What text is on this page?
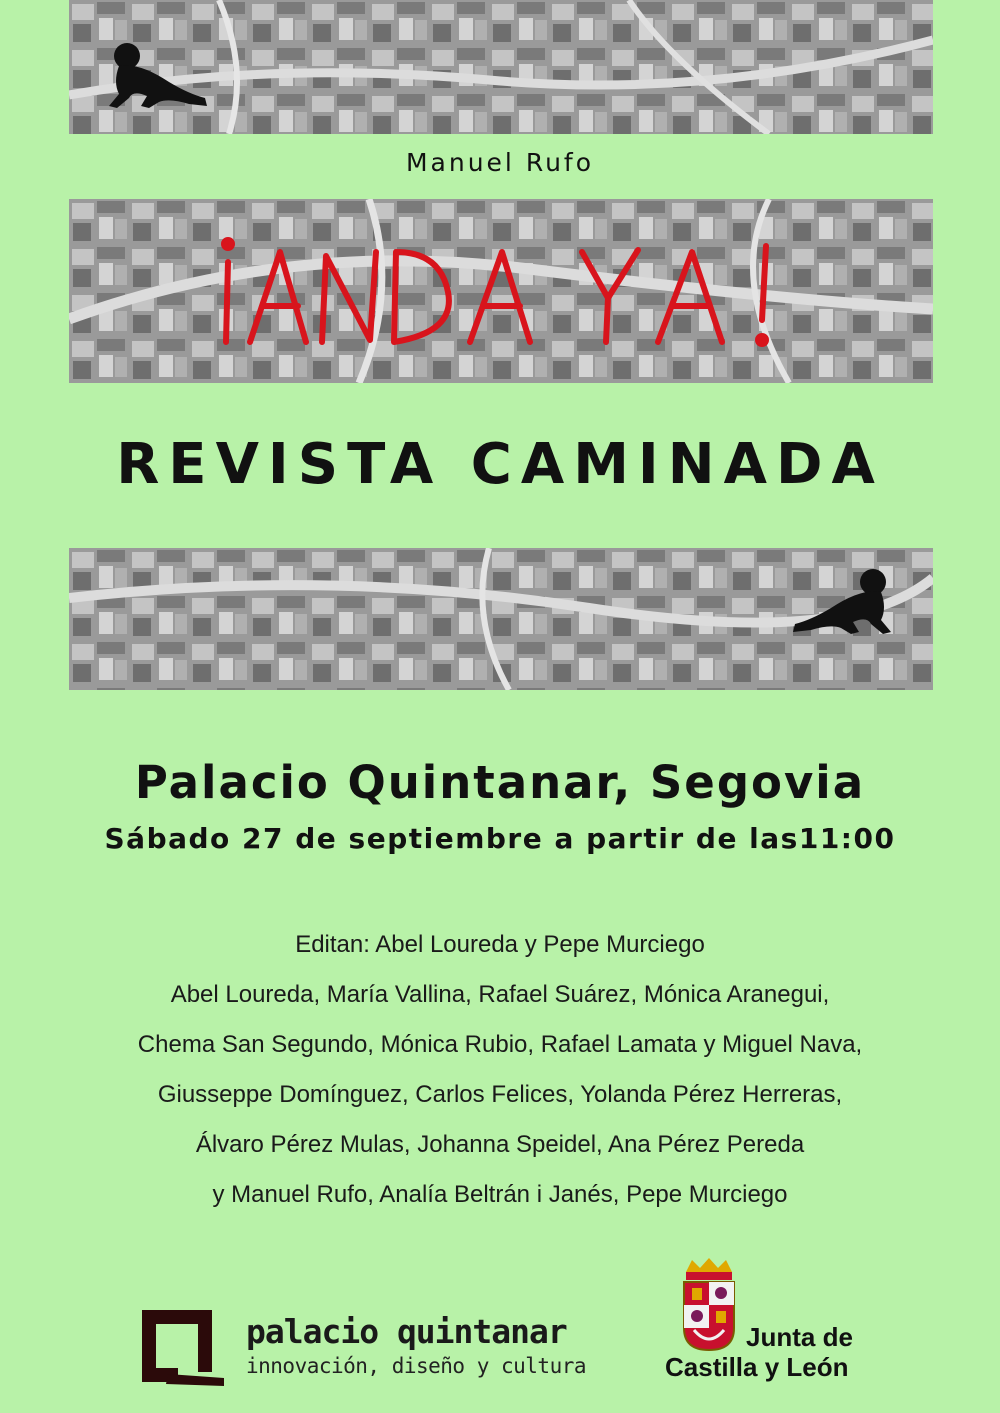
Manuel Rufo
REVISTA CAMINADA
Palacio Quintanar, Segovia
Sábado 27 de septiembre a partir de las11:00
Editan: Abel Loureda y Pepe Murciego
Abel Loureda, María Vallina, Rafael Suárez, Mónica Aranegui,
Chema San Segundo, Mónica Rubio, Rafael Lamata y Miguel Nava,
Giusseppe Domínguez, Carlos Felices, Yolanda Pérez Herreras,
Álvaro Pérez Mulas, Johanna Speidel, Ana Pérez Pereda
y Manuel Rufo, Analía Beltrán i Janés, Pepe Murciego
palacio quintanar
innovación, diseño y cultura
Junta de
Castilla y León
